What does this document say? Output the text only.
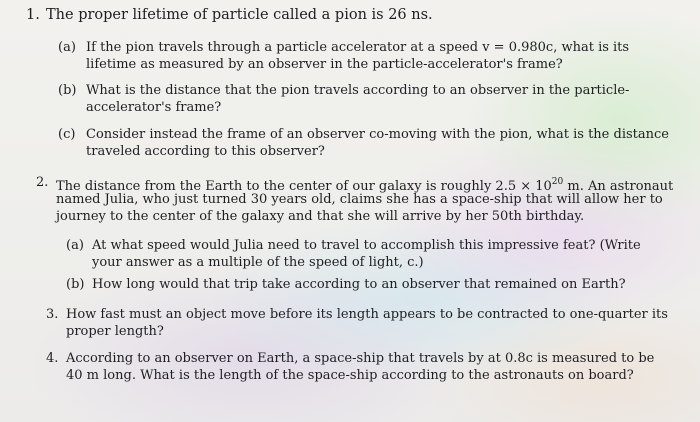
1. The proper lifetime of particle called a pion is 26 ns.
(a) If the pion travels through a particle accelerator at a speed v = 0.980c, what is its
lifetime as measured by an observer in the particle-accelerator's frame?
(b) What is the distance that the pion travels according to an observer in the particle-
accelerator's frame?
(c) Consider instead the frame of an observer co-moving with the pion, what is the distance
traveled according to this observer?
2. The distance from the Earth to the center of our galaxy is roughly $2.5 \times 10^{20}$ m. An astronaut
named Julia, who just turned 30 years old, claims she has a space-ship that will allow her to
journey to the center of the galaxy and that she will arrive by her 50th birthday.
(a) At what speed would Julia need to travel to accomplish this impressive feat? (Write
your answer as a multiple of the speed of light, c.)
(b) How long would that trip take according to an observer that remained on Earth?
3. How fast must an object move before its length appears to be contracted to one-quarter its
proper length?
4. According to an observer on Earth, a space-ship that travels by at 0.8c is measured to be
40 m long. What is the length of the space-ship according to the astronauts on board?
